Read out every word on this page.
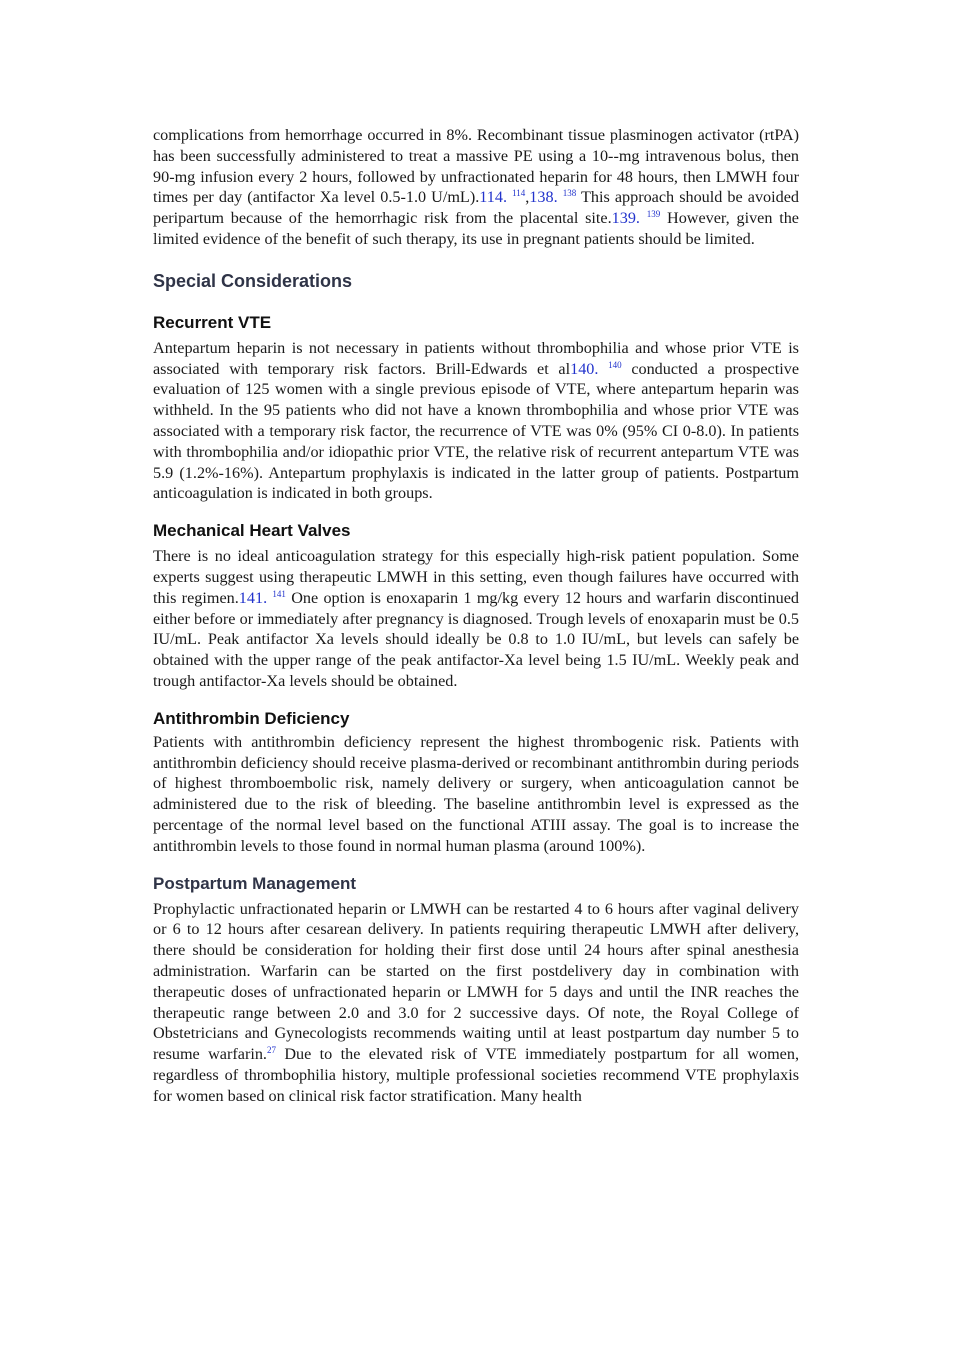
complications from hemorrhage occurred in 8%. Recombinant tissue plasminogen activator (rtPA) has been successfully administered to treat a massive PE using a 10--mg intravenous bolus, then 90-mg infusion every 2 hours, followed by unfractionated heparin for 48 hours, then LMWH four times per day (antifactor Xa level 0.5-1.0 U/mL).114. $^{114}$,138. $^{138}$ This approach should be avoided peripartum because of the hemorrhagic risk from the placental site.139. $^{139}$ However, given the limited evidence of the benefit of such therapy, its use in pregnant patients should be limited.

Special Considerations
Recurrent VTE

Antepartum heparin is not necessary in patients without thrombophilia and whose prior VTE is associated with temporary risk factors. Brill-Edwards et al140. $^{140}$ conducted a prospective evaluation of 125 women with a single previous episode of VTE, where antepartum heparin was withheld. In the 95 patients who did not have a known thrombophilia and whose prior VTE was associated with a temporary risk factor, the recurrence of VTE was 0% (95% CI 0-8.0). In patients with thrombophilia and/or idiopathic prior VTE, the relative risk of recurrent antepartum VTE was 5.9 (1.2%-16%). Antepartum prophylaxis is indicated in the latter group of patients. Postpartum anticoagulation is indicated in both groups.

Mechanical Heart Valves

There is no ideal anticoagulation strategy for this especially high-risk patient population. Some experts suggest using therapeutic LMWH in this setting, even though failures have occurred with this regimen.141. $^{141}$ One option is enoxaparin 1 mg/kg every 12 hours and warfarin discontinued either before or immediately after pregnancy is diagnosed. Trough levels of enoxaparin must be 0.5 IU/mL. Peak antifactor Xa levels should ideally be 0.8 to 1.0 IU/mL, but levels can safely be obtained with the upper range of the peak antifactor-Xa level being 1.5 IU/mL. Weekly peak and trough antifactor-Xa levels should be obtained.

Antithrombin Deficiency

Patients with antithrombin deficiency represent the highest thrombogenic risk. Patients with antithrombin deficiency should receive plasma-derived or recombinant antithrombin during periods of highest thromboembolic risk, namely delivery or surgery, when anticoagulation cannot be administered due to the risk of bleeding. The baseline antithrombin level is expressed as the percentage of the normal level based on the functional ATIII assay. The goal is to increase the antithrombin levels to those found in normal human plasma (around 100%).

Postpartum Management

Prophylactic unfractionated heparin or LMWH can be restarted 4 to 6 hours after vaginal delivery or 6 to 12 hours after cesarean delivery. In patients requiring therapeutic LMWH after delivery, there should be consideration for holding their first dose until 24 hours after spinal anesthesia administration. Warfarin can be started on the first postdelivery day in combination with therapeutic doses of unfractionated heparin or LMWH for 5 days and until the INR reaches the therapeutic range between 2.0 and 3.0 for 2 successive days. Of note, the Royal College of Obstetricians and Gynecologists recommends waiting until at least postpartum day number 5 to resume warfarin.$^{27}$ Due to the elevated risk of VTE immediately postpartum for all women, regardless of thrombophilia history, multiple professional societies recommend VTE prophylaxis for women based on clinical risk factor stratification. Many health
